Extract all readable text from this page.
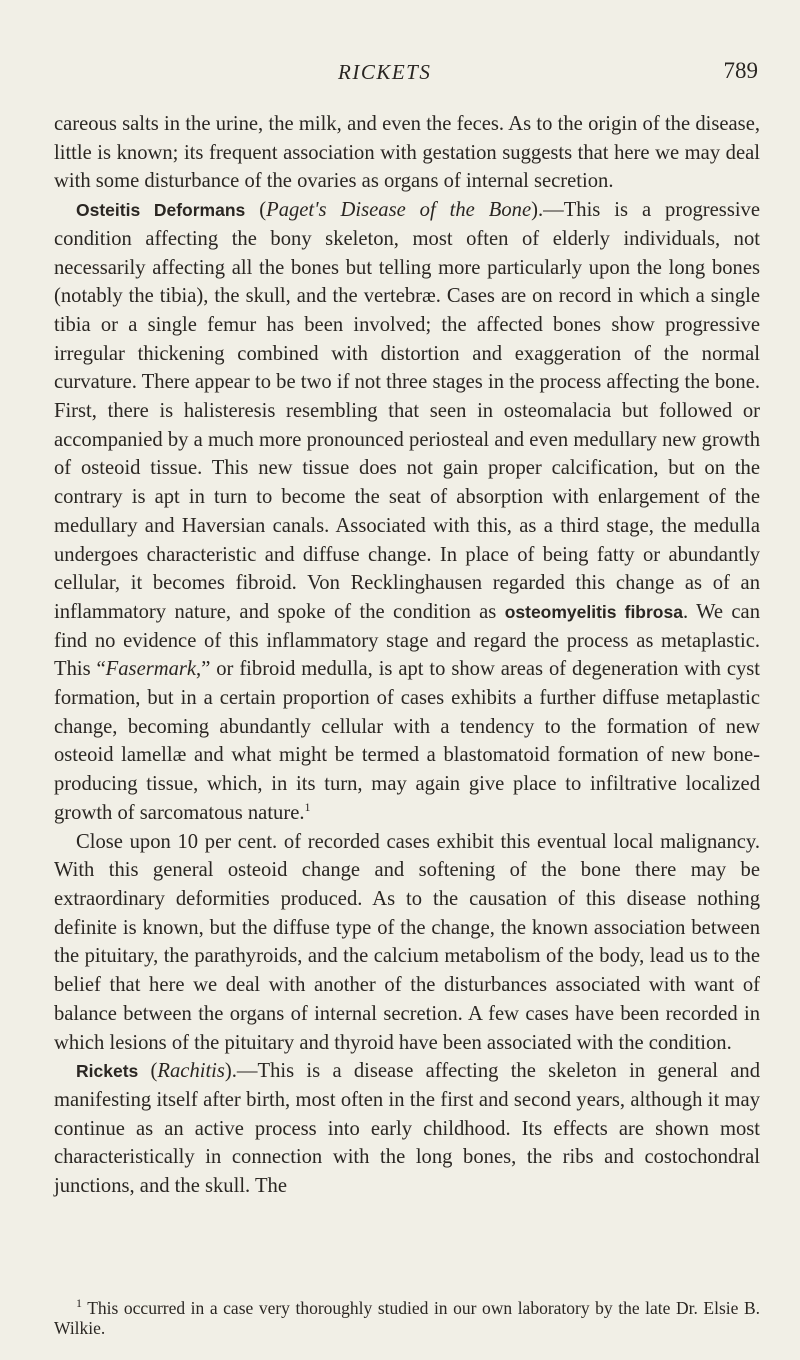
RICKETS	789

careous salts in the urine, the milk, and even the feces. As to the origin of the disease, little is known; its frequent association with gestation suggests that here we may deal with some disturbance of the ovaries as organs of internal secretion.

Osteitis Deformans (Paget's Disease of the Bone).—This is a progressive condition affecting the bony skeleton, most often of elderly individuals, not necessarily affecting all the bones but telling more particularly upon the long bones (notably the tibia), the skull, and the vertebræ. Cases are on record in which a single tibia or a single femur has been involved; the affected bones show progressive irregular thickening combined with distortion and exaggeration of the normal curvature. There appear to be two if not three stages in the process affecting the bone. First, there is halisteresis resembling that seen in osteomalacia but followed or accompanied by a much more pronounced periosteal and even medullary new growth of osteoid tissue. This new tissue does not gain proper calcification, but on the contrary is apt in turn to become the seat of absorption with enlargement of the medullary and Haversian canals. Associated with this, as a third stage, the medulla undergoes characteristic and diffuse change. In place of being fatty or abundantly cellular, it becomes fibroid. Von Recklinghausen regarded this change as of an inflammatory nature, and spoke of the condition as osteomyelitis fibrosa. We can find no evidence of this inflammatory stage and regard the process as metaplastic. This “Fasermark,” or fibroid medulla, is apt to show areas of degeneration with cyst formation, but in a certain proportion of cases exhibits a further diffuse metaplastic change, becoming abundantly cellular with a tendency to the formation of new osteoid lamellæ and what might be termed a blastomatoid formation of new bone-producing tissue, which, in its turn, may again give place to infiltrative localized growth of sarcomatous nature.$^1$

Close upon 10 per cent. of recorded cases exhibit this eventual local malignancy. With this general osteoid change and softening of the bone there may be extraordinary deformities produced. As to the causation of this disease nothing definite is known, but the diffuse type of the change, the known association between the pituitary, the parathyroids, and the calcium metabolism of the body, lead us to the belief that here we deal with another of the disturbances associated with want of balance between the organs of internal secretion. A few cases have been recorded in which lesions of the pituitary and thyroid have been associated with the condition.

Rickets (Rachitis).—This is a disease affecting the skeleton in general and manifesting itself after birth, most often in the first and second years, although it may continue as an active process into early childhood. Its effects are shown most characteristically in connection with the long bones, the ribs and costochondral junctions, and the skull. The

$^1$ This occurred in a case very thoroughly studied in our own laboratory by the late Dr. Elsie B. Wilkie.
